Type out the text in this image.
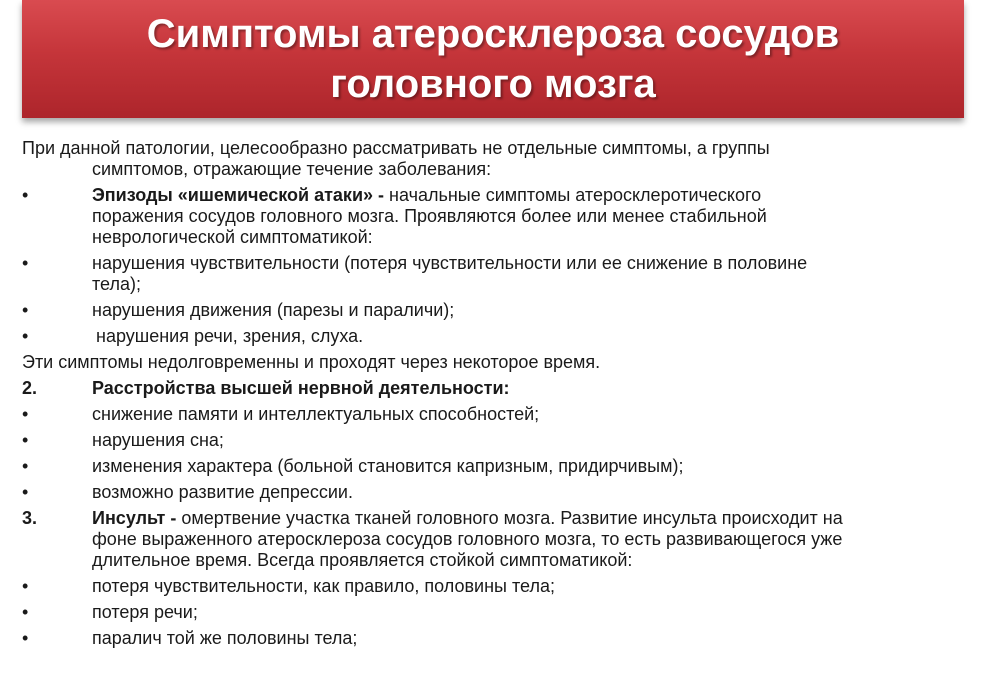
Симптомы атеросклероза сосудов
головного мозга
При данной патологии, целесообразно рассматривать не отдельные симптомы, а группы
симптомов, отражающие течение заболевания:
•	Эпизоды «ишемической атаки» - начальные симптомы атеросклеротического
поражения сосудов головного мозга. Проявляются более или менее стабильной
неврологической симптоматикой:
•	нарушения чувствительности (потеря чувствительности или ее снижение в половине
тела);
•	нарушения движения (парезы и параличи);
•	нарушения речи, зрения, слуха.
Эти симптомы недолговременны и проходят через некоторое время.
2.	Расстройства высшей нервной деятельности:
•	снижение памяти и интеллектуальных способностей;
•	нарушения сна;
•	изменения характера (больной становится капризным, придирчивым);
•	возможно развитие депрессии.
3.	Инсульт - омертвение участка тканей головного мозга. Развитие инсульта происходит на
фоне выраженного атеросклероза сосудов головного мозга, то есть развивающегося уже
длительное время. Всегда проявляется стойкой симптоматикой:
•	потеря чувствительности, как правило, половины тела;
•	потеря речи;
•	паралич той же половины тела;
